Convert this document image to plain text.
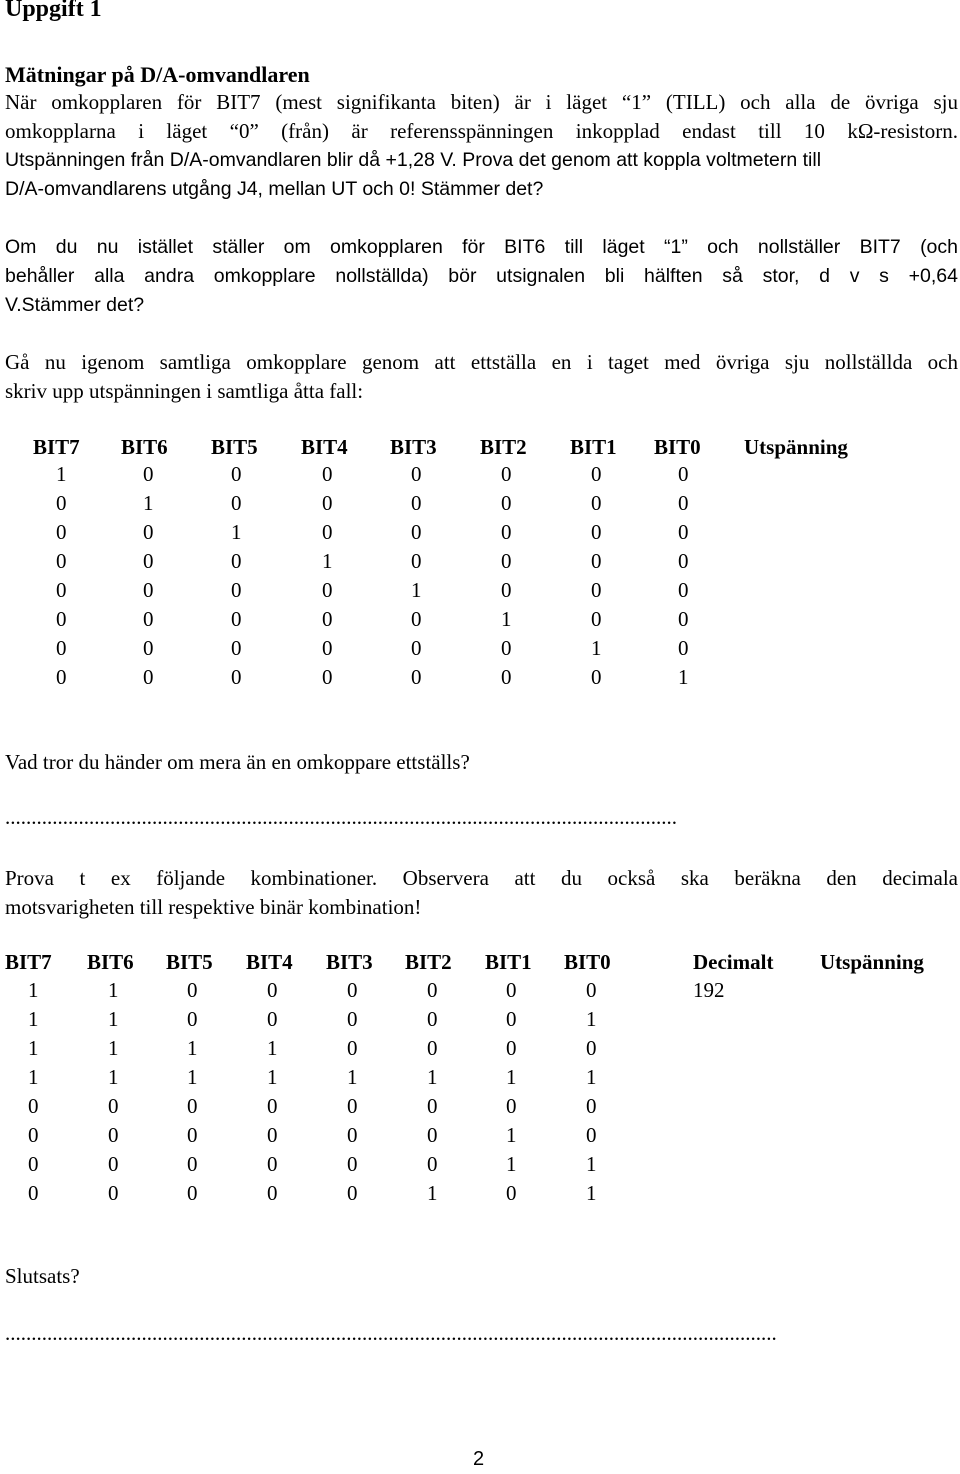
Uppgift 1
Mätningar på D/A-omvandlaren
När omkopplaren för BIT7 (mest signifikanta biten) är i läget “1” (TILL) och alla de övriga sju
omkopplarna i läget “0” (från) är referensspänningen inkopplad endast till 10 kΩ-resistorn.
Utspänningen från D/A-omvandlaren blir då +1,28 V. Prova det genom att koppla voltmetern till
D/A-omvandlarens utgång J4, mellan UT och 0! Stämmer det?
Om du nu istället ställer om omkopplaren för BIT6 till läget “1” och nollställer BIT7 (och
behåller alla andra omkopplare nollställda) bör utsignalen bli hälften så stor, d v s +0,64
V.Stämmer det?
Gå nu igenom samtliga omkopplare genom att ettställa en i taget med övriga sju nollställda och
skriv upp utspänningen i samtliga åtta fall:
BIT7 BIT6 BIT5 BIT4 BIT3 BIT2 BIT1 BIT0 Utspänning
1	0	0	0	0	0	0	0
0	1	0	0	0	0	0	0
0	0	1	0	0	0	0	0
0	0	0	1	0	0	0	0
0	0	0	0	1	0	0	0
0	0	0	0	0	1	0	0
0	0	0	0	0	0	1	0
0	0	0	0	0	0	0	1
Vad tror du händer om mera än en omkoppare ettställs?
................................................................................................................................
Prova t ex följande kombinationer. Observera att du också ska beräkna den decimala
motsvarigheten till respektive binär kombination!
BIT7 BIT6 BIT5 BIT4 BIT3 BIT2 BIT1 BIT0	Decimalt Utspänning
1	1	0	0	0	0	0	0	192
1	1	0	0	0	0	0	1
1	1	1	1	0	0	0	0
1	1	1	1	1	1	1	1
0	0	0	0	0	0	0	0
0	0	0	0	0	0	1	0
0	0	0	0	0	0	1	1
0	0	0	0	0	1	0	1
Slutsats?
...................................................................................................................................................
2
